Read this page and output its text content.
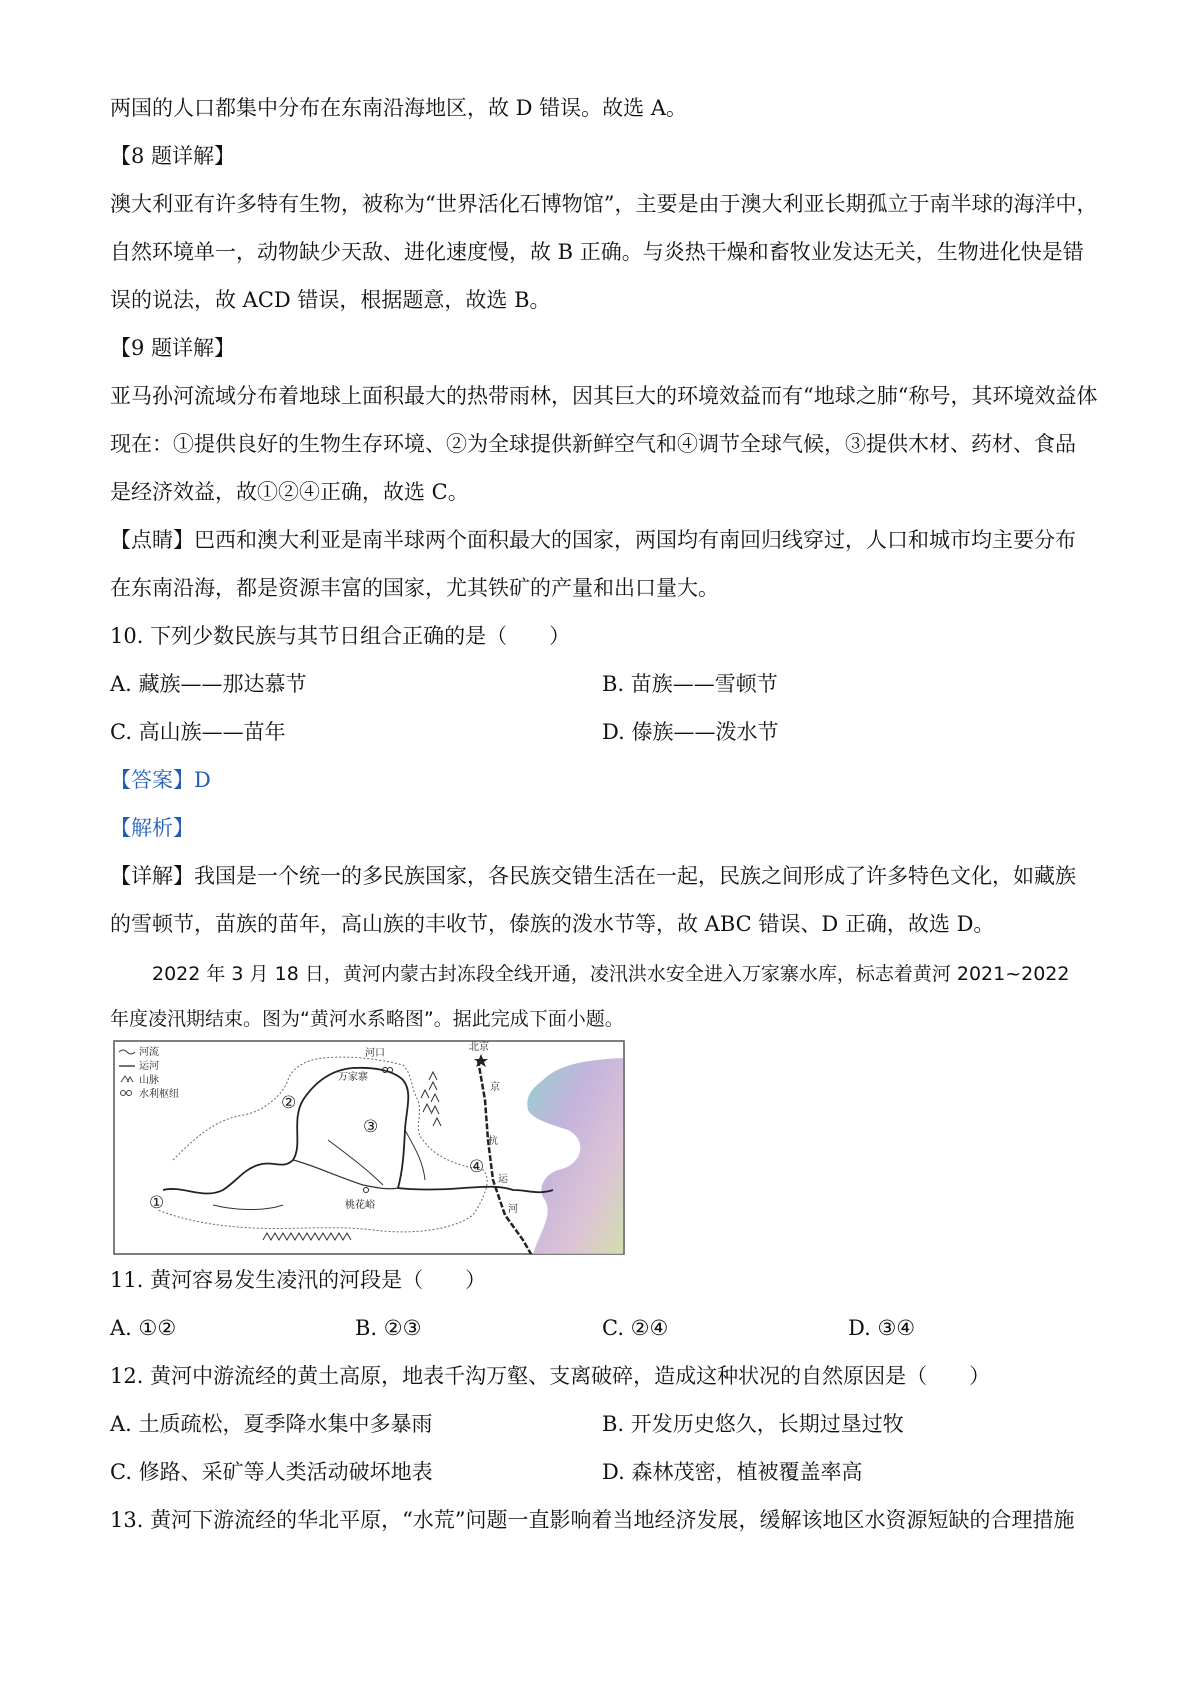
两国的人口都集中分布在东南沿海地区，故 D 错误。故选 A。
【8 题详解】
澳大利亚有许多特有生物，被称为“世界活化石博物馆”，主要是由于澳大利亚长期孤立于南半球的海洋中，
自然环境单一，动物缺少天敌、进化速度慢，故 B 正确。与炎热干燥和畜牧业发达无关，生物进化快是错
误的说法，故 ACD 错误，根据题意，故选 B。
【9 题详解】
亚马孙河流域分布着地球上面积最大的热带雨林，因其巨大的环境效益而有“地球之肺“称号，其环境效益体
现在：①提供良好的生物生存环境、②为全球提供新鲜空气和④调节全球气候，③提供木材、药材、食品
是经济效益，故①②④正确，故选 C。
【点睛】巴西和澳大利亚是南半球两个面积最大的国家，两国均有南回归线穿过，人口和城市均主要分布
在东南沿海，都是资源丰富的国家，尤其铁矿的产量和出口量大。
10. 下列少数民族与其节日组合正确的是（　　）
A. 藏族——那达慕节	B. 苗族——雪顿节
C. 高山族——苗年	D. 傣族——泼水节
【答案】D
【解析】
【详解】我国是一个统一的多民族国家，各民族交错生活在一起，民族之间形成了许多特色文化，如藏族
的雪顿节，苗族的苗年，高山族的丰收节，傣族的泼水节等，故 ABC 错误、D 正确，故选 D。
2022 年 3 月 18 日，黄河内蒙古封冻段全线开通，凌汛洪水安全进入万家寨水库，标志着黄河 2021~2022
年度凌汛期结束。图为“黄河水系略图”。据此完成下面小题。
河流
运河
山脉
水利枢纽
河口
万家寨
北京
桃花峪
京
杭
运
河
①
②
③
④
11. 黄河容易发生凌汛的河段是（　　）
A. ①②	B. ②③	C. ②④	D. ③④
12. 黄河中游流经的黄土高原，地表千沟万壑、支离破碎，造成这种状况的自然原因是（　　）
A. 土质疏松，夏季降水集中多暴雨	B. 开发历史悠久，长期过垦过牧
C. 修路、采矿等人类活动破坏地表	D. 森林茂密，植被覆盖率高
13. 黄河下游流经的华北平原，“水荒”问题一直影响着当地经济发展，缓解该地区水资源短缺的合理措施
